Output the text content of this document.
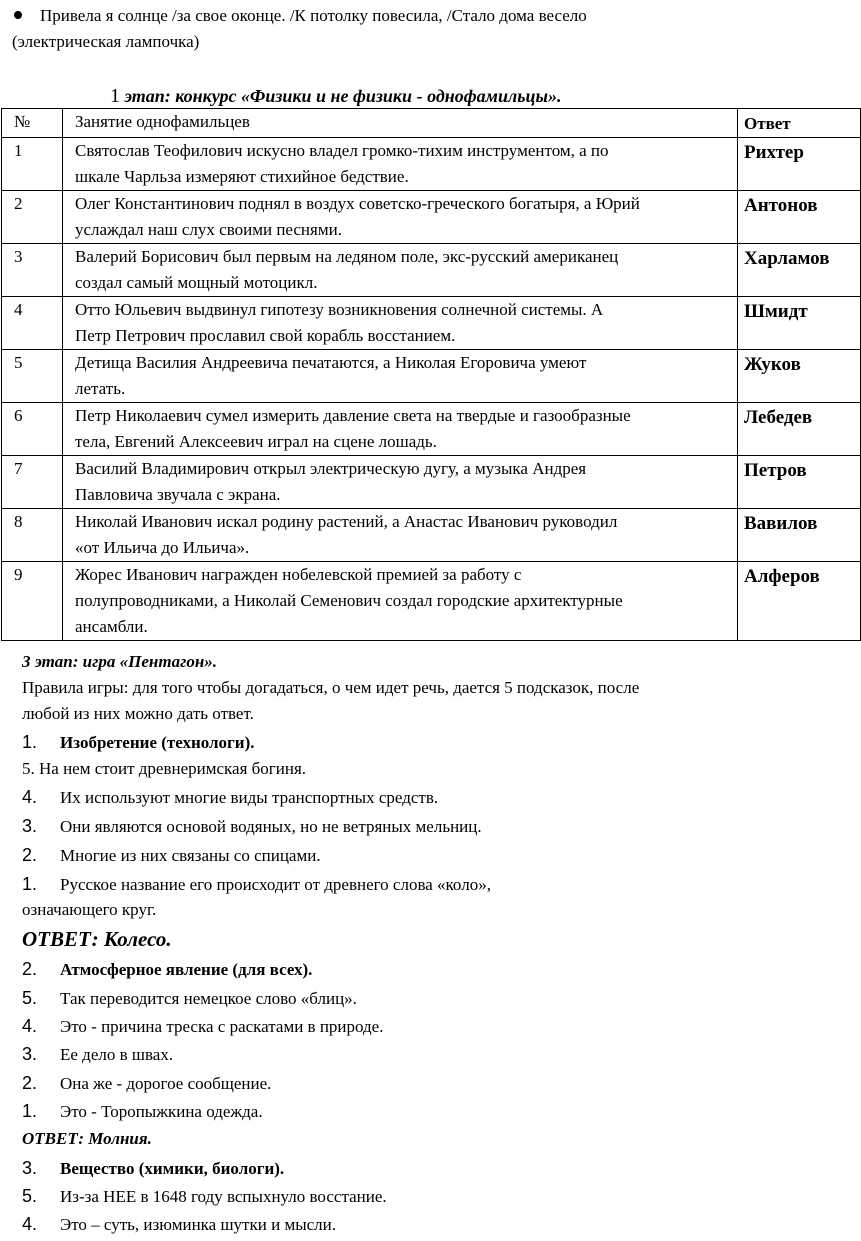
Привела я солнце /за свое оконце. /К потолку повесила, /Стало дома весело
(электрическая лампочка)
1 этап: конкурс «Физики и не физики - однофамильцы».
№	Занятие однофамильцев	Ответ
1	Святослав Теофилович искусно владел громко-тихим инструментом, а по
шкале Чарльза измеряют стихийное бедствие.	Рихтер
2	Олег Константинович поднял в воздух советско-греческого богатыря, а Юрий
услаждал наш слух своими песнями.	Антонов
3	Валерий Борисович был первым на ледяном поле, экс-русский американец
создал самый мощный мотоцикл.	Харламов
4	Отто Юльевич выдвинул гипотезу возникновения солнечной системы. А
Петр Петрович прославил свой корабль восстанием.	Шмидт
5	Детища Василия Андреевича печатаются, а Николая Егоровича умеют
летать.	Жуков
6	Петр Николаевич сумел измерить давление света на твердые и газообразные
тела, Евгений Алексеевич играл на сцене лошадь.	Лебедев
7	Василий Владимирович открыл электрическую дугу, а музыка Андрея
Павловича звучала с экрана.	Петров
8	Николай Иванович искал родину растений, а Анастас Иванович руководил
«от Ильича до Ильича».	Вавилов
9	Жорес Иванович награжден нобелевской премией за работу с
полупроводниками, а Николай Семенович создал городские архитектурные
ансамбли.	Алферов
3 этап: игра «Пентагон».
Правила игры: для того чтобы догадаться, о чем идет речь, дается 5 подсказок, после
любой из них можно дать ответ.
1. Изобретение (технологи).
5. На нем стоит древнеримская богиня.
4. Их используют многие виды транспортных средств.
3. Они являются основой водяных, но не ветряных мельниц.
2. Многие из них связаны со спицами.
1. Русское название его происходит от древнего слова «коло»,
означающего круг.
ОТВЕТ: Колесо.
2. Атмосферное явление (для всех).
5. Так переводится немецкое слово «блиц».
4. Это - причина треска с раскатами в природе.
3. Ее дело в швах.
2. Она же - дорогое сообщение.
1. Это - Торопыжкина одежда.
ОТВЕТ: Молния.
3. Вещество (химики, биологи).
5. Из-за НЕЕ в 1648 году вспыхнуло восстание.
4. Это – суть, изюминка шутки и мысли.
